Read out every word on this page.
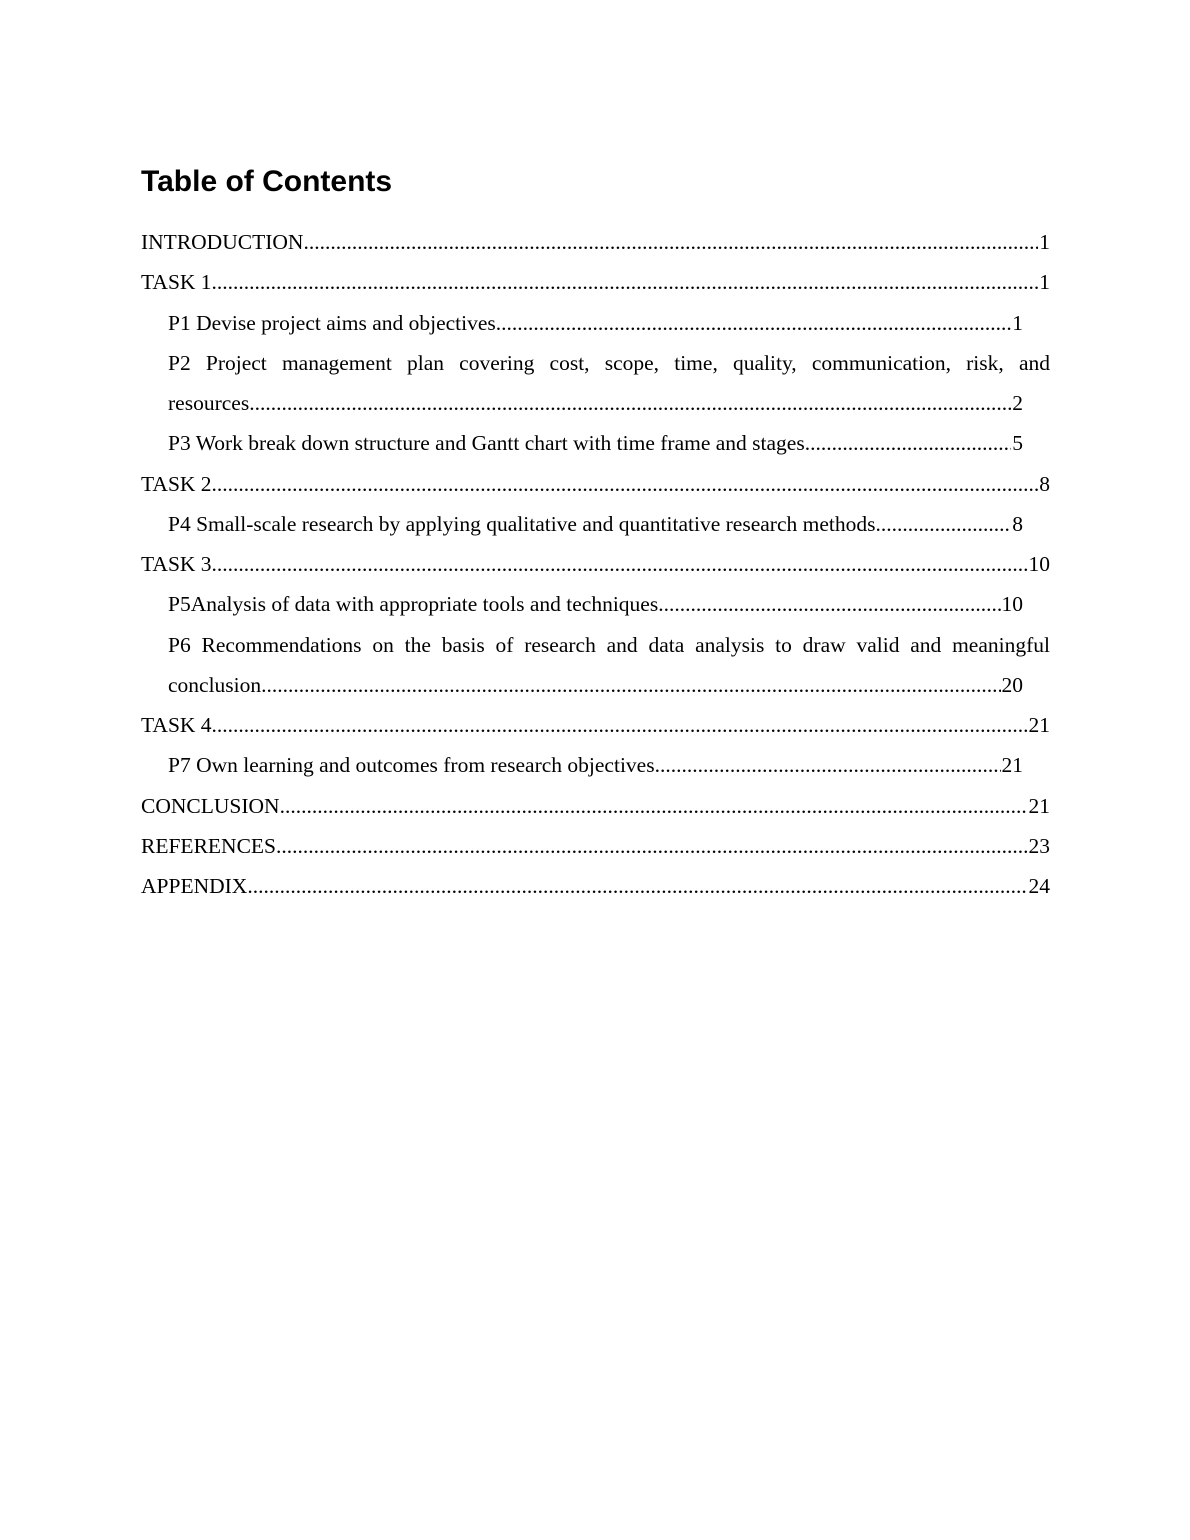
Table of Contents
INTRODUCTION	1
.....
TASK 1	1
.....
P1 Devise project aims and objectives	1
.....
P2 Project management plan covering cost, scope, time, quality, communication, risk, and
resources	2
.....
P3 Work break down structure and Gantt chart with time frame and stages	5
.....
TASK 2	8
.....
P4 Small-scale research by applying qualitative and quantitative research methods	8
.....
TASK 3	10
.....
P5Analysis of data with appropriate tools and techniques	10
.....
P6 Recommendations on the basis of research and data analysis to draw valid and meaningful
conclusion	20
.....
TASK 4	21
.....
P7 Own learning and outcomes from research objectives	21
.....
CONCLUSION	21
.....
REFERENCES	23
.....
APPENDIX	24
.....
